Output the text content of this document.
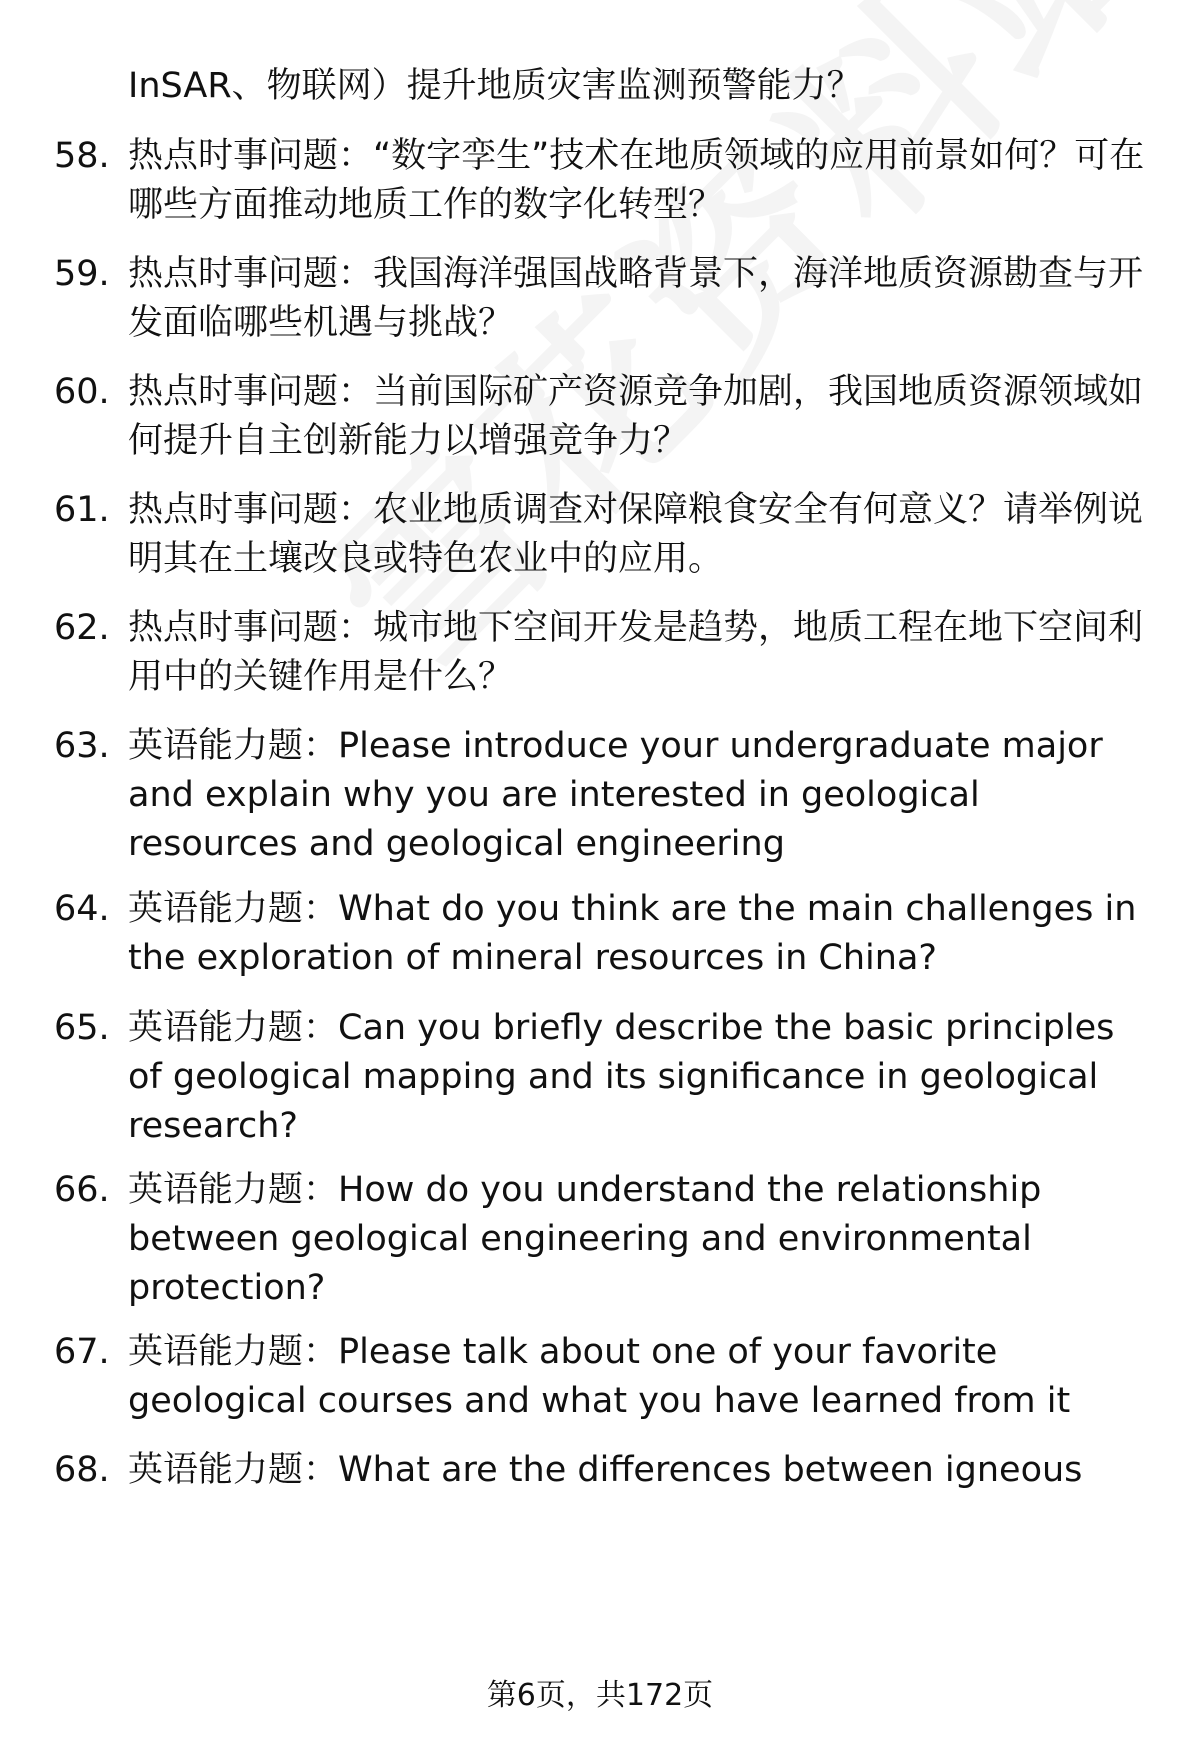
InSAR、物联网）提升地质灾害监测预警能力？
58. 热点时事问题：“数字孪生”技术在地质领域的应用前景如何？可在哪些方面推动地质工作的数字化转型？
59. 热点时事问题：我国海洋强国战略背景下，海洋地质资源勘查与开发面临哪些机遇与挑战？
60. 热点时事问题：当前国际矿产资源竞争加剧，我国地质资源领域如何提升自主创新能力以增强竞争力？
61. 热点时事问题：农业地质调查对保障粮食安全有何意义？请举例说明其在土壤改良或特色农业中的应用。
62. 热点时事问题：城市地下空间开发是趋势，地质工程在地下空间利用中的关键作用是什么？
63. 英语能力题：Please introduce your undergraduate major and explain why you are interested in geological resources and geological engineering
64. 英语能力题：What do you think are the main challenges in the exploration of mineral resources in China?
65. 英语能力题：Can you briefly describe the basic principles of geological mapping and its significance in geological research?
66. 英语能力题：How do you understand the relationship between geological engineering and environmental protection?
67. 英语能力题：Please talk about one of your favorite geological courses and what you have learned from it
68. 英语能力题：What are the differences between igneous
第6页，共172页
